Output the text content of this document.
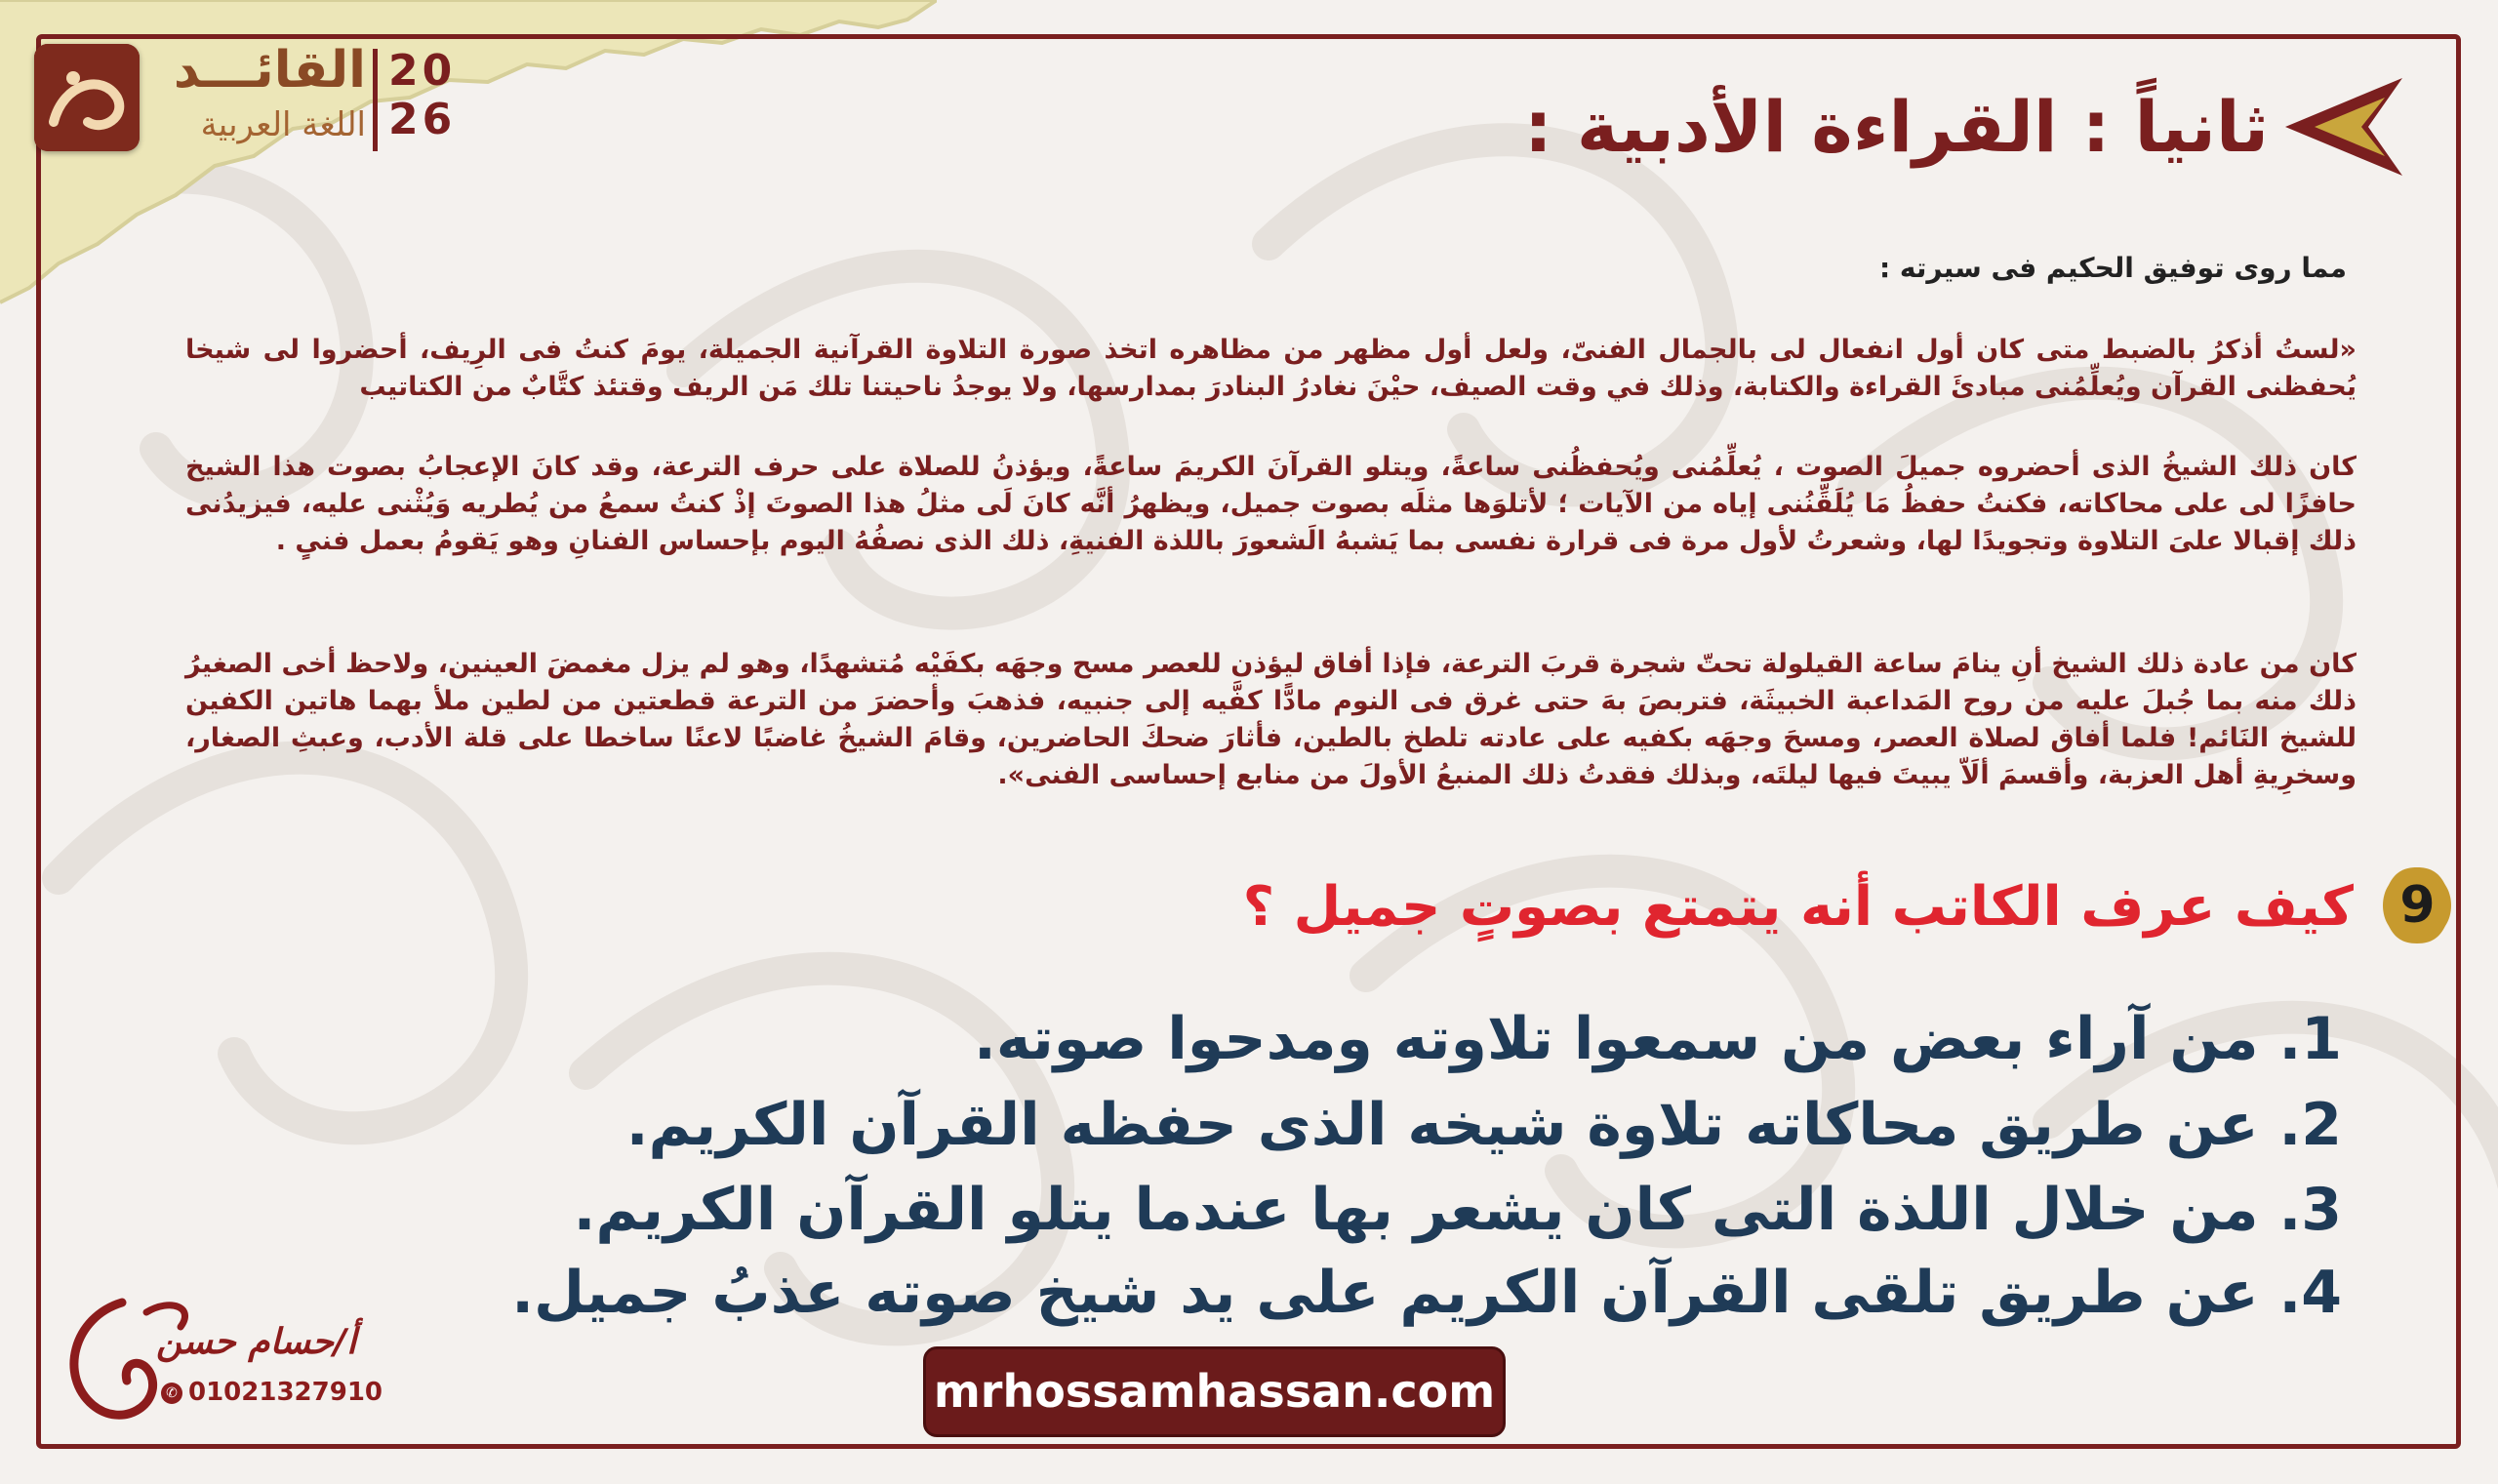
القائـــد
اللغة العربية
20
26	ثانياً : القراءة الأدبية :
مما روى توفيق الحكيم فى سيرته :

«لستُ أذكرُ بالضبط متى كان أول انفعال لى بالجمال الفنىّ، ولعل أول مظهر من مظاهره اتخذ صورة التلاوة القرآنية الجميلة، يومَ كنتُ فى الرِيف، أحضروا لى شيخا يُحفظنى القرآن ويُعلِّمُنى مبادئَ القراءة والكتابة، وذلك في وقت الصيف، حيْنَ نغادرُ البنادرَ بمدارسها، ولا يوجدُ ناحيتنا تلك مَن الريف وقتئذ كتَّابٌ من الكتاتيب

كان ذلك الشيخُ الذى أحضروه جميلَ الصوت ، يُعلِّمُنى ويُحفظُنى ساعةً، ويتلو القرآنَ الكريمَ ساعةً، ويؤذنُ للصلاة على حرف الترعة، وقد كانَ الإعجابُ بصوت هذا الشيخ حافزًا لى على محاكاته، فكنتُ حفظُ مَا يُلَقِّنُنى إياه من الآيات ؛ لأتلوَها مثلَه بصوت جميل، ويظهرُ أنَّه كانَ لَى مثلُ هذا الصوتَ إذْ كنتُ سمعُ من يُطريه وَيُثْنى عليه، فيزيدُنى ذلك إقبالا علىَ التلاوة وتجويدًا لها، وشعرتُ لأول مرة فى قرارة نفسى بما يَشبهُ الَشعورَ باللذة الفنيةِ، ذلك الذى نصفُهُ اليوم بإحساس الفنانِ وهو يَقومُ بعمل فنىٍ .

كان من عادة ذلك الشيخ أنِ ينامَ ساعة القيلولة تحتّ شجرة قربَ الترعة، فإذا أفاق ليؤذن للعصر مسح وجهَه بكفَيْه مُتشهدًا، وهو لم يزل مغمضَ العينين، ولاحظ أخى الصغيرُ ذلك منه بما جُبلَ عليه من روح المَداعبة الخبيثَة، فتربصَ بهَ حتى غرق فى النوم مادًّا كفَّيه إلى جنبيه، فذهبَ وأحضرَ من الترعة قطعتين من لطين ملأ بهما هاتين الكفين للشيخ النَائم! فلما أفاق لصلاة العصر، ومسحَ وجهَه بكفيه على عادته تلطخ بالطين، فأثارَ ضحكَ الحاضرين، وقامَ الشيخُ غاضبًا لاعنًا ساخطا على قلة الأدب، وعبثِ الصغار، وسخرِيةِ أهل العزبة، وأقسمَ ألَاّ يبيتَ فيها ليلتَه، وبذلك فقدتُ ذلك المنبعُ الأولَ من منابع إحساسى الفنى».

9
كيف عرف الكاتب أنه يتمتع بصوتٍ جميل ؟
1. من آراء بعض من سمعوا تلاوته ومدحوا صوته.
2. عن طريق محاكاته تلاوة شيخه الذى حفظه القرآن الكريم.
3. من خلال اللذة التى كان يشعر بها عندما يتلو القرآن الكريم.
4. عن طريق تلقى القرآن الكريم على يد شيخ صوته عذبُ جميل.
أ/حسام حسن
✆ 01021327910	mrhossamhassan.com
